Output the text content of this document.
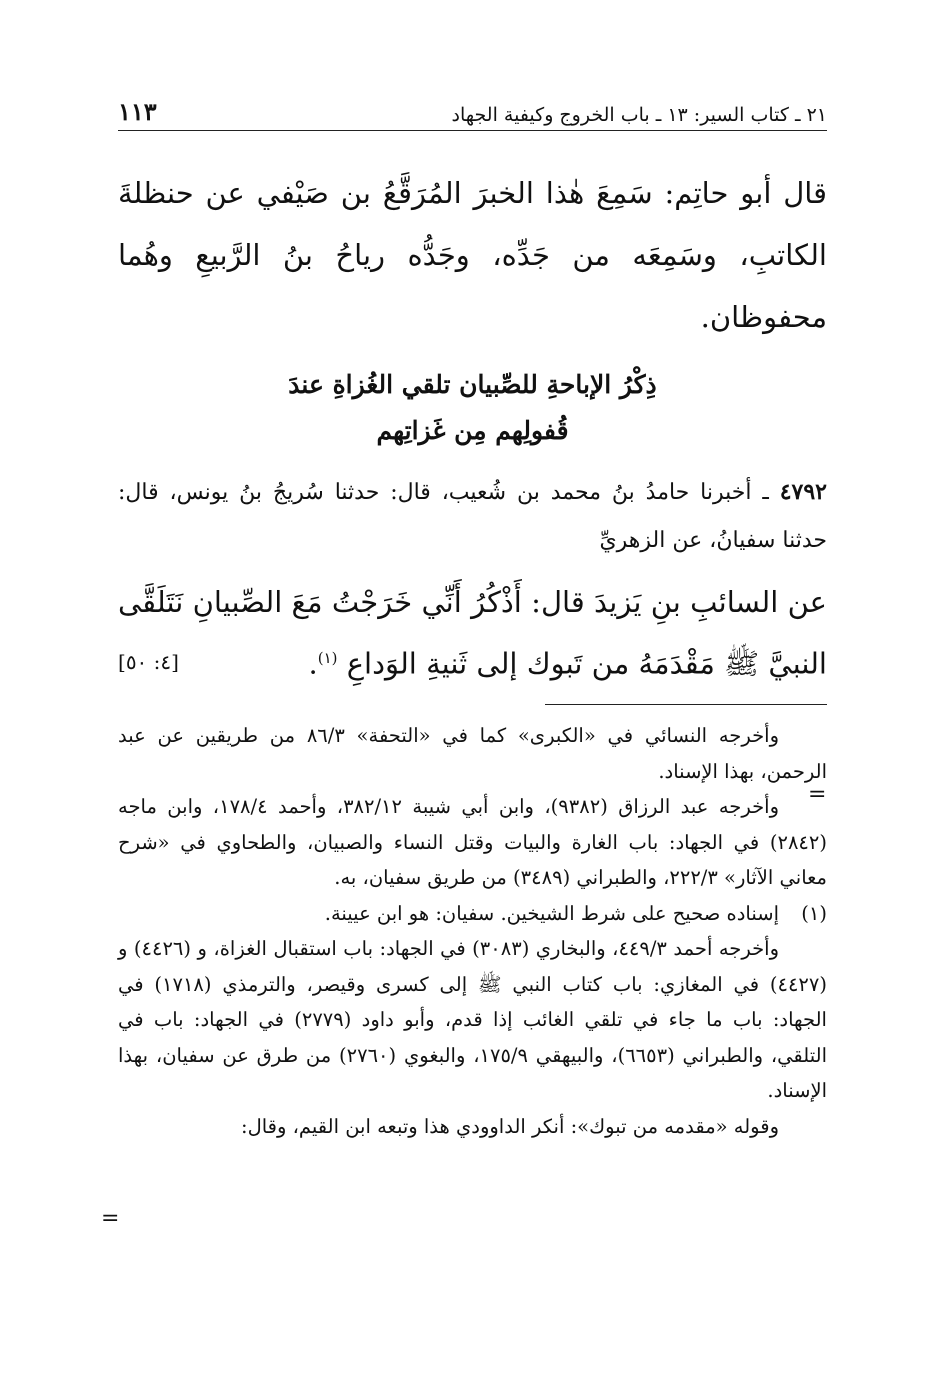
٢١ ـ كتاب السير: ١٣ ـ باب الخروج وكيفية الجهاد
١١٣
قال أبو حاتِم: سَمِعَ هٰذا الخبرَ المُرَقَّعُ بن صَيْفي عن حنظلةَ الكاتبِ، وسَمِعَه من جَدِّه، وجَدُّه رياحُ بنُ الرَّبيعِ وهُما محفوظان.
ذِكْرُ الإباحةِ للصِّبيان تلقي الغُزاةِ عندَ
قُفولِهم مِن غَزاتِهم
٤٧٩٢ ـ أخبرنا حامدُ بنُ محمد بن شُعيب، قال: حدثنا سُريجُ بنُ يونس، قال: حدثنا سفيانُ، عن الزهريِّ
عن السائبِ بنِ يَزيدَ قال: أَذْكُرُ أَنِّي خَرَجْتُ مَعَ الصِّبيانِ نَتَلَقَّى النبيَّ ﷺ مَقْدَمَهُ من تَبوك إلى ثَنيةِ الوَداعِ $^{(١)}$.
[٤: ٥٠]

وأخرجه النسائي في «الكبرى» كما في «التحفة» ٨٦/٣ من طريقين عن عبد الرحمن، بهذا الإسناد.

وأخرجه عبد الرزاق (٩٣٨٢)، وابن أبي شيبة ٣٨٢/١٢، وأحمد ١٧٨/٤، وابن ماجه (٢٨٤٢) في الجهاد: باب الغارة والبيات وقتل النساء والصبيان، والطحاوي في «شرح معاني الآثار» ٢٢٢/٣، والطبراني (٣٤٨٩) من طريق سفيان، به.

(١)
إسناده صحيح على شرط الشيخين. سفيان: هو ابن عيينة.

وأخرجه أحمد ٤٤٩/٣، والبخاري (٣٠٨٣) في الجهاد: باب استقبال الغزاة، و (٤٤٢٦) و (٤٤٢٧) في المغازي: باب كتاب النبي ﷺ إلى كسرى وقيصر، والترمذي (١٧١٨) في الجهاد: باب ما جاء في تلقي الغائب إذا قدم، وأبو داود (٢٧٧٩) في الجهاد: باب في التلقي، والطبراني (٦٦٥٣)، والبيهقي ١٧٥/٩، والبغوي (٢٧٦٠) من طرق عن سفيان، بهذا الإسناد.

وقوله «مقدمه من تبوك»: أنكر الداوودي هذا وتبعه ابن القيم، وقال:

=
=
